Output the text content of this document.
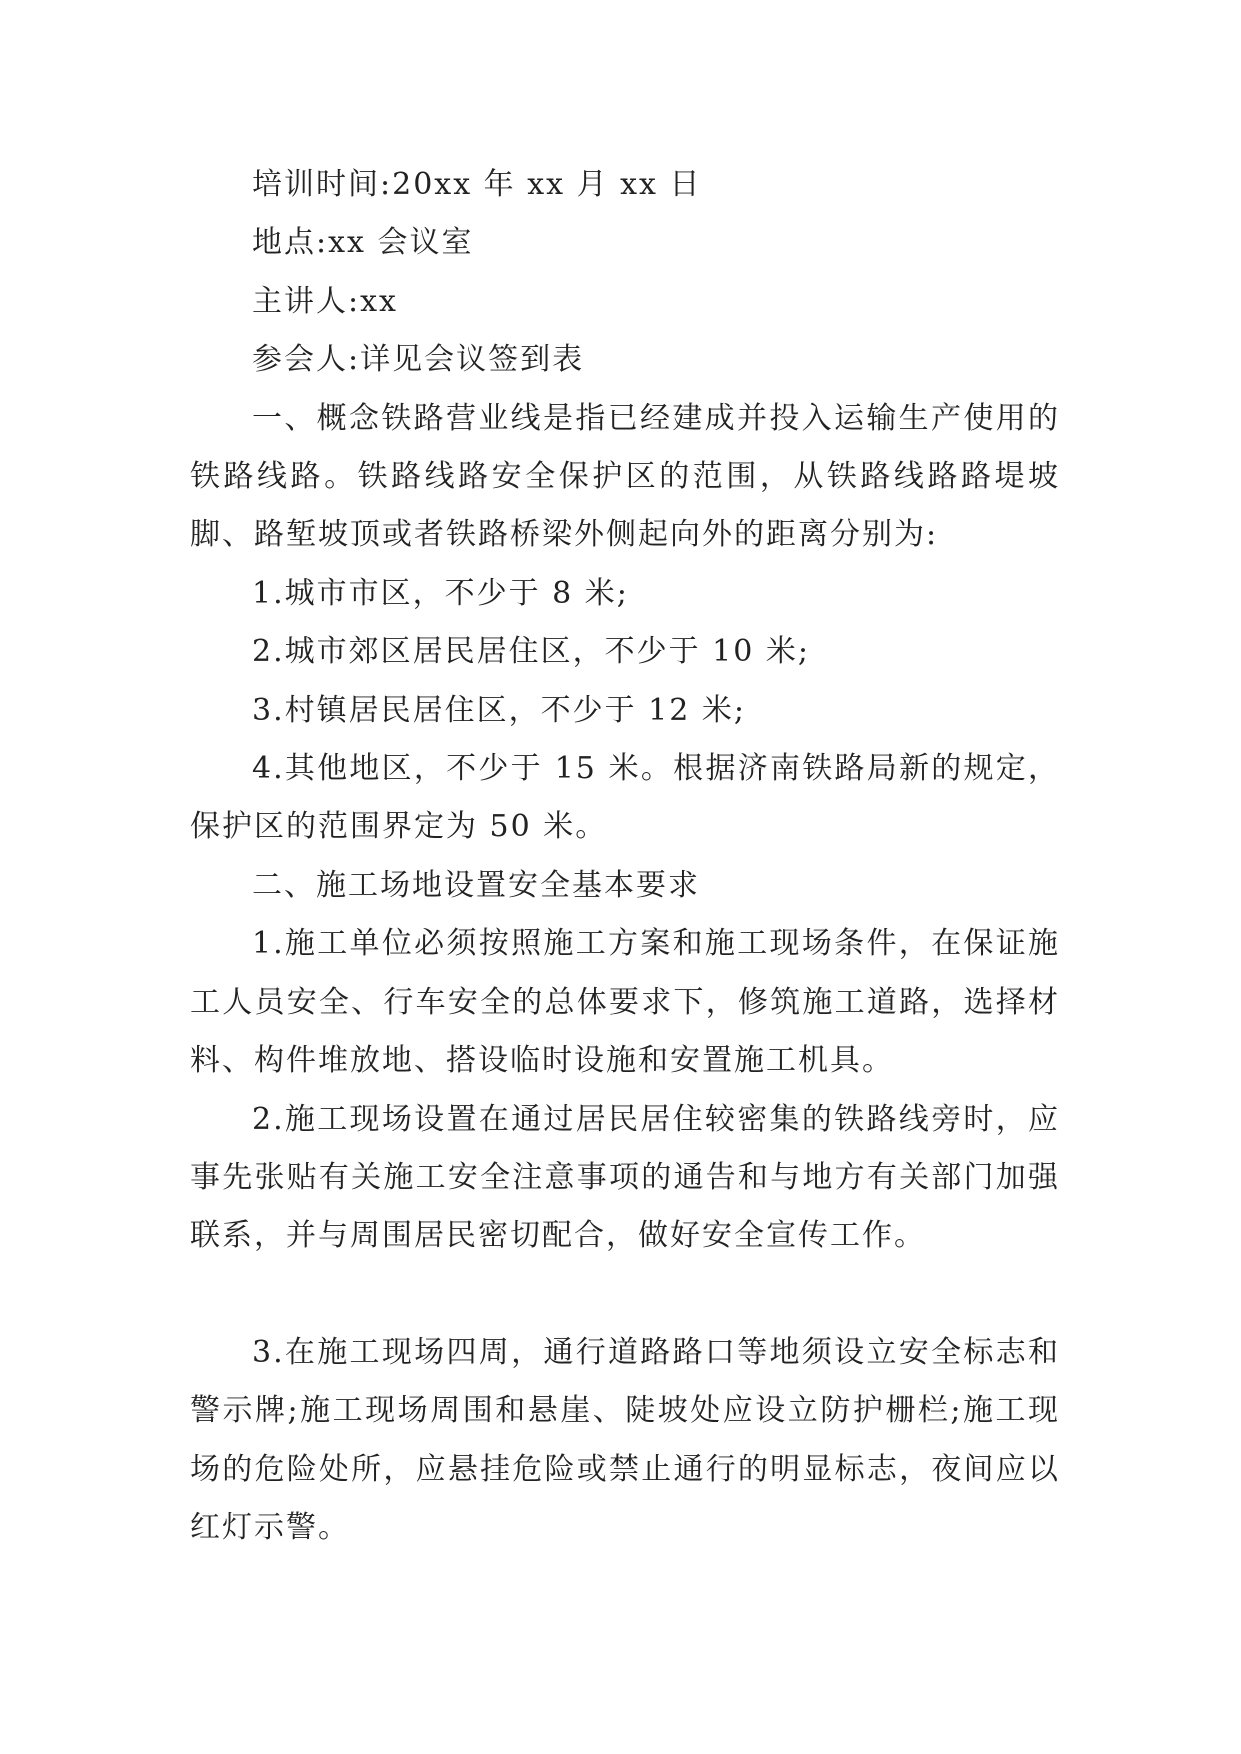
培训时间:20xx 年 xx 月 xx 日

地点:xx 会议室

主讲人:xx

参会人:详见会议签到表

一、概念铁路营业线是指已经建成并投入运输生产使用的铁路线路。铁路线路安全保护区的范围，从铁路线路路堤坡脚、路堑坡顶或者铁路桥梁外侧起向外的距离分别为:

1.城市市区，不少于 8 米;

2.城市郊区居民居住区，不少于 10 米;

3.村镇居民居住区，不少于 12 米;

4.其他地区，不少于 15 米。根据济南铁路局新的规定，保护区的范围界定为 50 米。

二、施工场地设置安全基本要求

1.施工单位必须按照施工方案和施工现场条件，在保证施工人员安全、行车安全的总体要求下，修筑施工道路，选择材料、构件堆放地、搭设临时设施和安置施工机具。

2.施工现场设置在通过居民居住较密集的铁路线旁时，应事先张贴有关施工安全注意事项的通告和与地方有关部门加强联系，并与周围居民密切配合，做好安全宣传工作。

3.在施工现场四周，通行道路路口等地须设立安全标志和警示牌;施工现场周围和悬崖、陡坡处应设立防护栅栏;施工现场的危险处所，应悬挂危险或禁止通行的明显标志，夜间应以红灯示警。
